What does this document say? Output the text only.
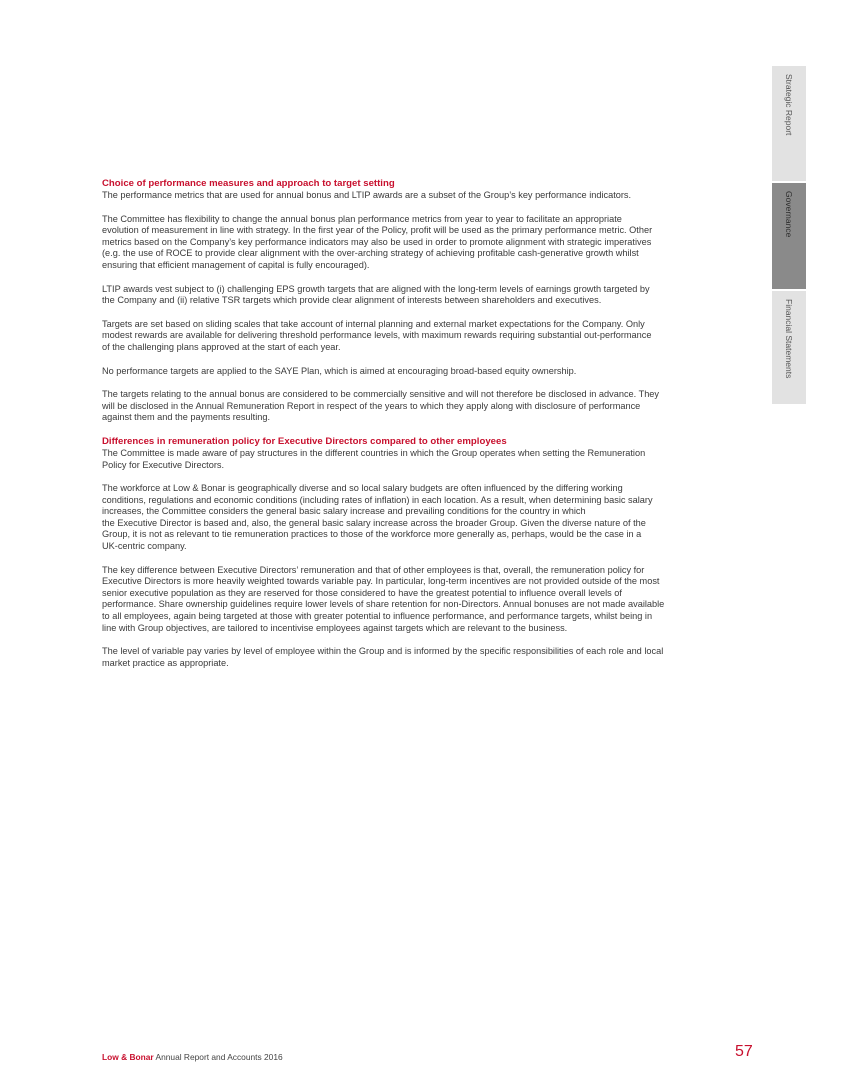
Strategic Report
Governance
Financial Statements
Choice of performance measures and approach to target setting

The performance metrics that are used for annual bonus and LTIP awards are a subset of the Group’s key performance indicators.

The Committee has flexibility to change the annual bonus plan performance metrics from year to year to facilitate an appropriate
evolution of measurement in line with strategy. In the first year of the Policy, profit will be used as the primary performance metric. Other
metrics based on the Company’s key performance indicators may also be used in order to promote alignment with strategic imperatives
(e.g. the use of ROCE to provide clear alignment with the over-arching strategy of achieving profitable cash-generative growth whilst
ensuring that efficient management of capital is fully encouraged).

LTIP awards vest subject to (i) challenging EPS growth targets that are aligned with the long-term levels of earnings growth targeted by
the Company and (ii) relative TSR targets which provide clear alignment of interests between shareholders and executives.

Targets are set based on sliding scales that take account of internal planning and external market expectations for the Company. Only
modest rewards are available for delivering threshold performance levels, with maximum rewards requiring substantial out-performance
of the challenging plans approved at the start of each year.

No performance targets are applied to the SAYE Plan, which is aimed at encouraging broad-based equity ownership.

The targets relating to the annual bonus are considered to be commercially sensitive and will not therefore be disclosed in advance. They
will be disclosed in the Annual Remuneration Report in respect of the years to which they apply along with disclosure of performance
against them and the payments resulting.

Differences in remuneration policy for Executive Directors compared to other employees

The Committee is made aware of pay structures in the different countries in which the Group operates when setting the Remuneration
Policy for Executive Directors.

The workforce at Low & Bonar is geographically diverse and so local salary budgets are often influenced by the differing working
conditions, regulations and economic conditions (including rates of inflation) in each location. As a result, when determining basic salary
increases, the Committee considers the general basic salary increase and prevailing conditions for the country in which
the Executive Director is based and, also, the general basic salary increase across the broader Group. Given the diverse nature of the
Group, it is not as relevant to tie remuneration practices to those of the workforce more generally as, perhaps, would be the case in a
UK-centric company.

The key difference between Executive Directors’ remuneration and that of other employees is that, overall, the remuneration policy for
Executive Directors is more heavily weighted towards variable pay. In particular, long-term incentives are not provided outside of the most
senior executive population as they are reserved for those considered to have the greatest potential to influence overall levels of
performance. Share ownership guidelines require lower levels of share retention for non-Directors. Annual bonuses are not made available
to all employees, again being targeted at those with greater potential to influence performance, and performance targets, whilst being in
line with Group objectives, are tailored to incentivise employees against targets which are relevant to the business.

The level of variable pay varies by level of employee within the Group and is informed by the specific responsibilities of each role and local
market practice as appropriate.

Low & Bonar Annual Report and Accounts 2016	57
